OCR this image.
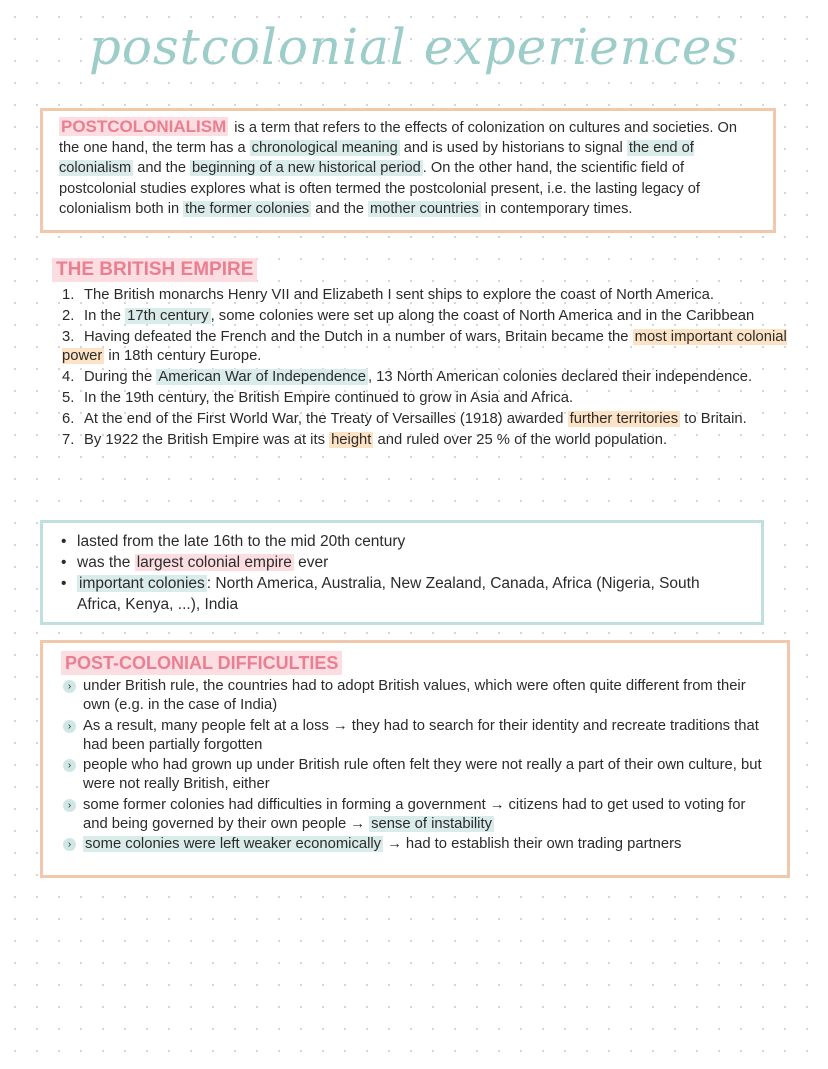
postcolonial experiences

POSTCOLONIALISM is a term that refers to the effects of colonization on cultures and societies. On the one hand, the term has a chronological meaning and is used by historians to signal the end of colonialism and the beginning of a new historical period . On the other hand, the scientific field of postcolonial studies explores what is often termed the postcolonial present, i.e. the lasting legacy of colonialism both in the former colonies and the mother countries in contemporary times.

THE BRITISH EMPIRE
1. The British monarchs Henry VII and Elizabeth I sent ships to explore the coast of North America.
2. In the 17th century , some colonies were set up along the coast of North America and in the Caribbean
3. Having defeated the French and the Dutch in a number of wars, Britain became the most important colonial power in 18th century Europe.
4. During the American War of Independence , 13 North American colonies declared their independence.
5. In the 19th century, the British Empire continued to grow in Asia and Africa.
6. At the end of the First World War, the Treaty of Versailles (1918) awarded further territories to Britain.
7. By 1922 the British Empire was at its height and ruled over 25 % of the world population.
• lasted from the late 16th to the mid 20th century
• was the largest colonial empire ever
• important colonies : North America, Australia, New Zealand, Canada, Africa (Nigeria, South Africa, Kenya, ...), India
POST-COLONIAL DIFFICULTIES
› under British rule, the countries had to adopt British values, which were often quite different from their own (e.g. in the case of India)
› As a result, many people felt at a loss → they had to search for their identity and recreate traditions that had been partially forgotten
› people who had grown up under British rule often felt they were not really a part of their own culture, but were not really British, either
› some former colonies had difficulties in forming a government → citizens had to get used to voting for and being governed by their own people → sense of instability
› some colonies were left weaker economically → had to establish their own trading partners
